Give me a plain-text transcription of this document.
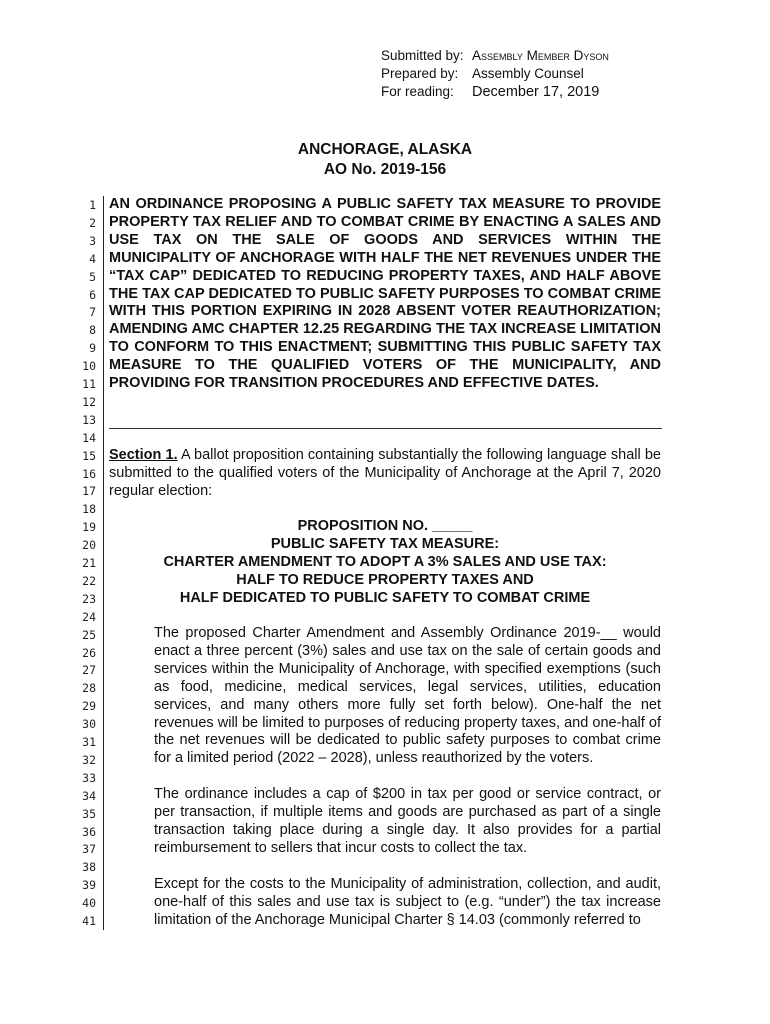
Submitted by: Assembly Member Dyson
Prepared by:	Assembly Counsel
For reading:	December 17, 2019
ANCHORAGE, ALASKA
AO No. 2019-156
1
2
3
4
5
6
7
8
9
10
11
12
13
14
15
16
17
18
19
20
21
22
23
24
25
26
27
28
29
30
31
32
33
34
35
36
37
38
39
40
41
AN ORDINANCE PROPOSING A PUBLIC SAFETY TAX MEASURE TO PROVIDE PROPERTY TAX RELIEF AND TO COMBAT CRIME BY ENACTING A SALES AND USE TAX ON THE SALE OF GOODS AND SERVICES WITHIN THE MUNICIPALITY OF ANCHORAGE WITH HALF THE NET REVENUES UNDER THE “TAX CAP” DEDICATED TO REDUCING PROPERTY TAXES, AND HALF ABOVE THE TAX CAP DEDICATED TO PUBLIC SAFETY PURPOSES TO COMBAT CRIME WITH THIS PORTION EXPIRING IN 2028 ABSENT VOTER REAUTHORIZATION; AMENDING AMC CHAPTER 12.25 REGARDING THE TAX INCREASE LIMITATION TO CONFORM TO THIS ENACTMENT; SUBMITTING THIS PUBLIC SAFETY TAX MEASURE TO THE QUALIFIED VOTERS OF THE MUNICIPALITY, AND PROVIDING FOR TRANSITION PROCEDURES AND EFFECTIVE DATES.
Section 1. A ballot proposition containing substantially the following language shall be submitted to the qualified voters of the Municipality of Anchorage at the April 7, 2020 regular election:
PROPOSITION NO. _____
PUBLIC SAFETY TAX MEASURE:
CHARTER AMENDMENT TO ADOPT A 3% SALES AND USE TAX:
HALF TO REDUCE PROPERTY TAXES AND
HALF DEDICATED TO PUBLIC SAFETY TO COMBAT CRIME
The proposed Charter Amendment and Assembly Ordinance 2019-__ would enact a three percent (3%) sales and use tax on the sale of certain goods and services within the Municipality of Anchorage, with specified exemptions (such as food, medicine, medical services, legal services, utilities, education services, and many others more fully set forth below). One-half the net revenues will be limited to purposes of reducing property taxes, and one-half of the net revenues will be dedicated to public safety purposes to combat crime for a limited period (2022 – 2028), unless reauthorized by the voters.
The ordinance includes a cap of $200 in tax per good or service contract, or per transaction, if multiple items and goods are purchased as part of a single transaction taking place during a single day. It also provides for a partial reimbursement to sellers that incur costs to collect the tax.
Except for the costs to the Municipality of administration, collection, and audit, one-half of this sales and use tax is subject to (e.g. “under”) the tax increase limitation of the Anchorage Municipal Charter § 14.03 (commonly referred to
